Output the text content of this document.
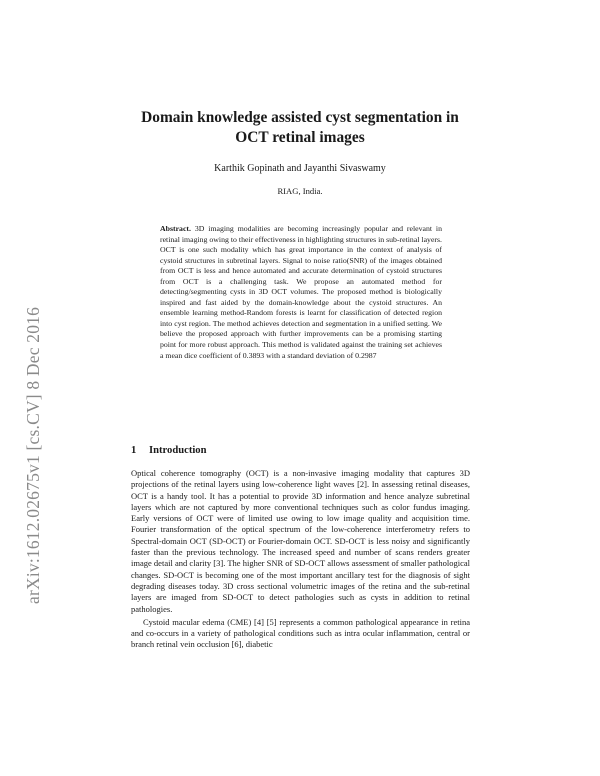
arXiv:1612.02675v1 [cs.CV] 8 Dec 2016
Domain knowledge assisted cyst segmentation in OCT retinal images
Karthik Gopinath and Jayanthi Sivaswamy
RIAG, India.
Abstract. 3D imaging modalities are becoming increasingly popular and relevant in retinal imaging owing to their effectiveness in highlighting structures in sub-retinal layers. OCT is one such modality which has great importance in the context of analysis of cystoid structures in subretinal layers. Signal to noise ratio(SNR) of the images obtained from OCT is less and hence automated and accurate determination of cystoid structures from OCT is a challenging task. We propose an automated method for detecting/segmenting cysts in 3D OCT volumes. The proposed method is biologically inspired and fast aided by the domain-knowledge about the cystoid structures. An ensemble learning method-Random forests is learnt for classification of detected region into cyst region. The method achieves detection and segmentation in a unified setting. We believe the proposed approach with further improvements can be a promising starting point for more robust approach. This method is validated against the training set achieves a mean dice coefficient of 0.3893 with a standard deviation of 0.2987
1 Introduction

Optical coherence tomography (OCT) is a non-invasive imaging modality that captures 3D projections of the retinal layers using low-coherence light waves [2]. In assessing retinal diseases, OCT is a handy tool. It has a potential to provide 3D information and hence analyze subretinal layers which are not captured by more conventional techniques such as color fundus imaging. Early versions of OCT were of limited use owing to low image quality and acquisition time. Fourier transformation of the optical spectrum of the low-coherence interferometry refers to Spectral-domain OCT (SD-OCT) or Fourier-domain OCT. SD-OCT is less noisy and significantly faster than the previous technology. The increased speed and number of scans renders greater image detail and clarity [3]. The higher SNR of SD-OCT allows assessment of smaller pathological changes. SD-OCT is becoming one of the most important ancillary test for the diagnosis of sight degrading diseases today. 3D cross sectional volumetric images of the retina and the sub-retinal layers are imaged from SD-OCT to detect pathologies such as cysts in addition to retinal pathologies.

Cystoid macular edema (CME) [4] [5] represents a common pathological appearance in retina and co-occurs in a variety of pathological conditions such as intra ocular inflammation, central or branch retinal vein occlusion [6], diabetic
